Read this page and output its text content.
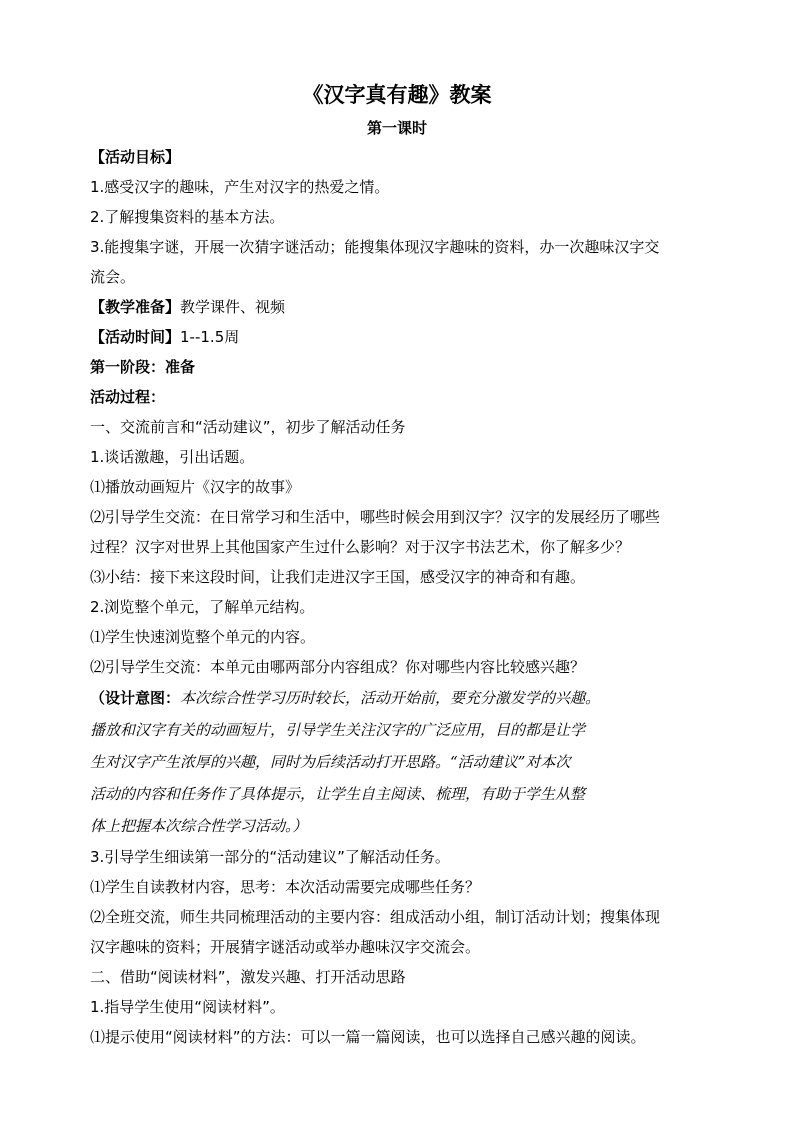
《汉字真有趣》教案
第一课时

【活动目标】

1.感受汉字的趣味，产生对汉字的热爱之情。

2.了解搜集资料的基本方法。

3.能搜集字谜，开展一次猜字谜活动；能搜集体现汉字趣味的资料，办一次趣味汉字交

流会。

【教学准备】教学课件、视频

【活动时间】1--1.5周

第一阶段：准备

活动过程：

一、交流前言和“活动建议”，初步了解活动任务

1.谈话激趣，引出话题。

⑴播放动画短片《汉字的故事》

⑵引导学生交流：在日常学习和生活中，哪些时候会用到汉字？汉字的发展经历了哪些

过程？汉字对世界上其他国家产生过什么影响？对于汉字书法艺术，你了解多少？

⑶小结：接下来这段时间，让我们走进汉字王国，感受汉字的神奇和有趣。

2.浏览整个单元，了解单元结构。

⑴学生快速浏览整个单元的内容。

⑵引导学生交流：本单元由哪两部分内容组成？你对哪些内容比较感兴趣？

（设计意图：本次综合性学习历时较长，活动开始前，要充分激发学的兴趣。

播放和汉字有关的动画短片，引导学生关注汉字的广泛应用，目的都是让学

生对汉字产生浓厚的兴趣，同时为后续活动打开思路。“活动建议”对本次

活动的内容和任务作了具体提示，让学生自主阅读、梳理，有助于学生从整

体上把握本次综合性学习活动。）

3.引导学生细读第一部分的“活动建议”了解活动任务。

⑴学生自读教材内容，思考：本次活动需要完成哪些任务？

⑵全班交流，师生共同梳理活动的主要内容：组成活动小组，制订活动计划；搜集体现

汉字趣味的资料；开展猜字谜活动或举办趣味汉字交流会。

二、借助“阅读材料”，激发兴趣、打开活动思路

1.指导学生使用“阅读材料”。

⑴提示使用“阅读材料”的方法：可以一篇一篇阅读，也可以选择自己感兴趣的阅读。
